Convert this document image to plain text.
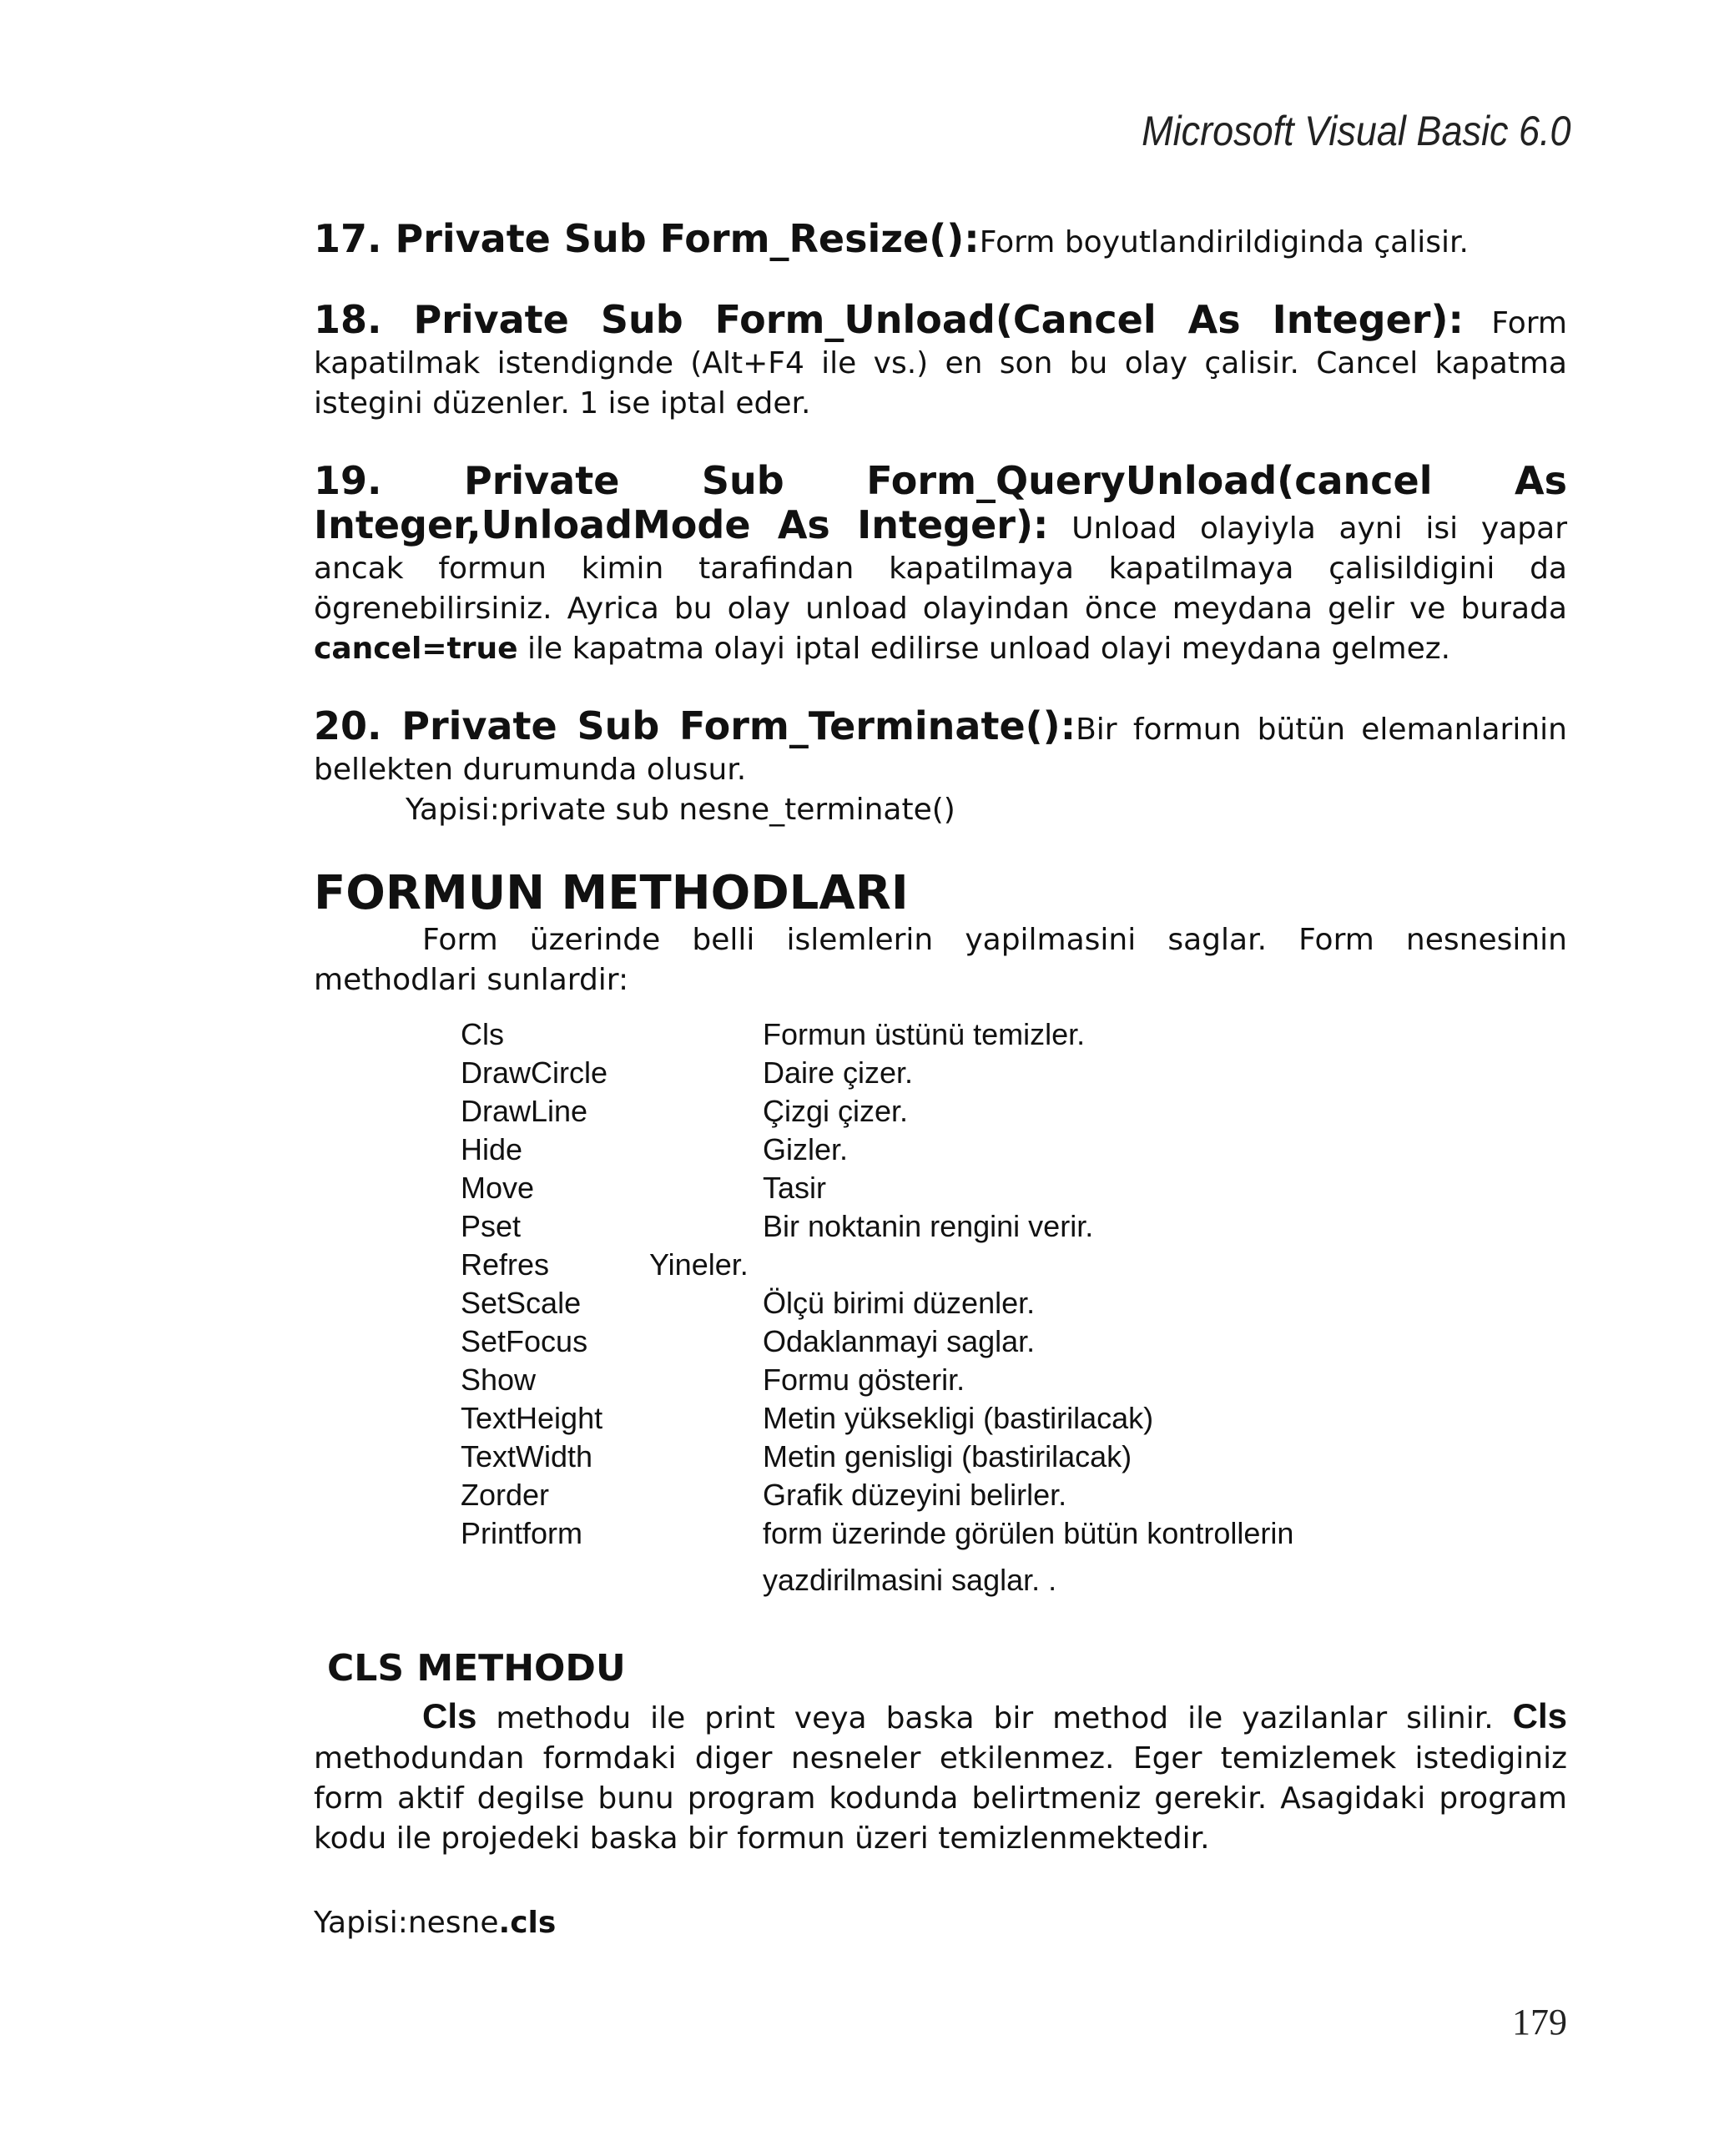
Microsoft Visual Basic 6.0

17. Private Sub Form_Resize():Form boyutlandirildiginda çalisir.

18. Private Sub Form_Unload(Cancel As Integer): Form kapatilmak istendignde (Alt+F4 ile vs.) en son bu olay çalisir. Cancel kapatma istegini düzenler. 1 ise iptal eder.

19. Private Sub Form_QueryUnload(cancel As Integer,UnloadMode As Integer): Unload olayiyla ayni isi yapar ancak formun kimin tarafindan kapatilmaya kapatilmaya çalisildigini da ögrenebilirsiniz. Ayrica bu olay unload olayindan önce meydana gelir ve burada cancel=true ile kapatma olayi iptal edilirse unload olayi meydana gelmez.

20. Private Sub Form_Terminate():Bir formun bütün elemanlarinin bellekten durumunda olusur.

Yapisi:private sub nesne_terminate()

FORMUN METHODLARI

Form üzerinde belli islemlerin yapilmasini saglar. Form nesnesinin methodlari sunlardir:

Cls	Formun üstünü temizler.
DrawCircle	Daire çizer.
DrawLine	Çizgi çizer.
Hide	Gizler.
Move	Tasir
Pset	Bir noktanin rengini verir.
Refres	Yineler.
SetScale	Ölçü birimi düzenler.
SetFocus	Odaklanmayi saglar.
Show	Formu gösterir.
TextHeight	Metin yüksekligi (bastirilacak)
TextWidth	Metin genisligi (bastirilacak)
Zorder	Grafik düzeyini belirler.
Printform	form üzerinde görülen bütün kontrollerin
yazdirilmasini saglar. .
CLS METHODU

Cls methodu ile print veya baska bir method ile yazilanlar silinir. Cls methodundan formdaki diger nesneler etkilenmez. Eger temizlemek istediginiz form aktif degilse bunu program kodunda belirtmeniz gerekir. Asagidaki program kodu ile projedeki baska bir formun üzeri temizlenmektedir.

Yapisi:nesne.cls
179
